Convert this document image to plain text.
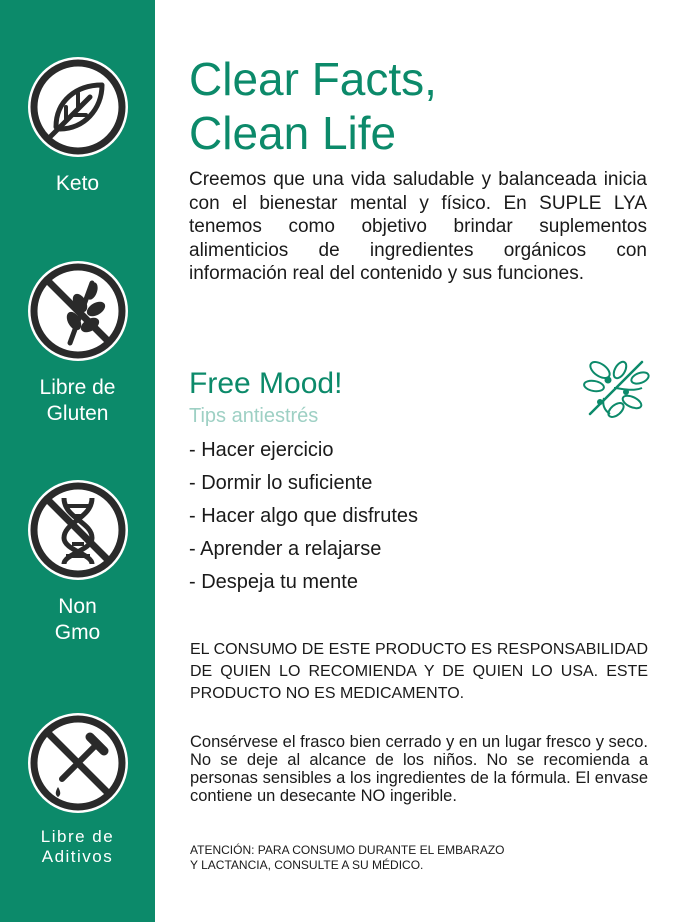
Keto
Libre de
Gluten
Non
Gmo
Libre de
Aditivos
Clear Facts,
Clean Life

Creemos que una vida saludable y balanceada inicia con el bienestar mental y físico. En SUPLE LYA tenemos como objetivo brindar suplementos alimenticios de ingredientes orgánicos con información real del contenido y sus funciones.

Free Mood!
Tips antiestrés
- Hacer ejercicio
- Dormir lo suficiente
- Hacer algo que disfrutes
- Aprender a relajarse
- Despeja tu mente

EL CONSUMO DE ESTE PRODUCTO ES RESPONSABILIDAD DE QUIEN LO RECOMIENDA Y DE QUIEN LO USA. ESTE PRODUCTO NO ES MEDICAMENTO.

Consérvese el frasco bien cerrado y en un lugar fresco y seco. No se deje al alcance de los niños. No se recomienda a personas sensibles a los ingredientes de la fórmula. El envase contiene un desecante NO ingerible.

ATENCIÓN: PARA CONSUMO DURANTE EL EMBARAZO
Y LACTANCIA, CONSULTE A SU MÉDICO.
